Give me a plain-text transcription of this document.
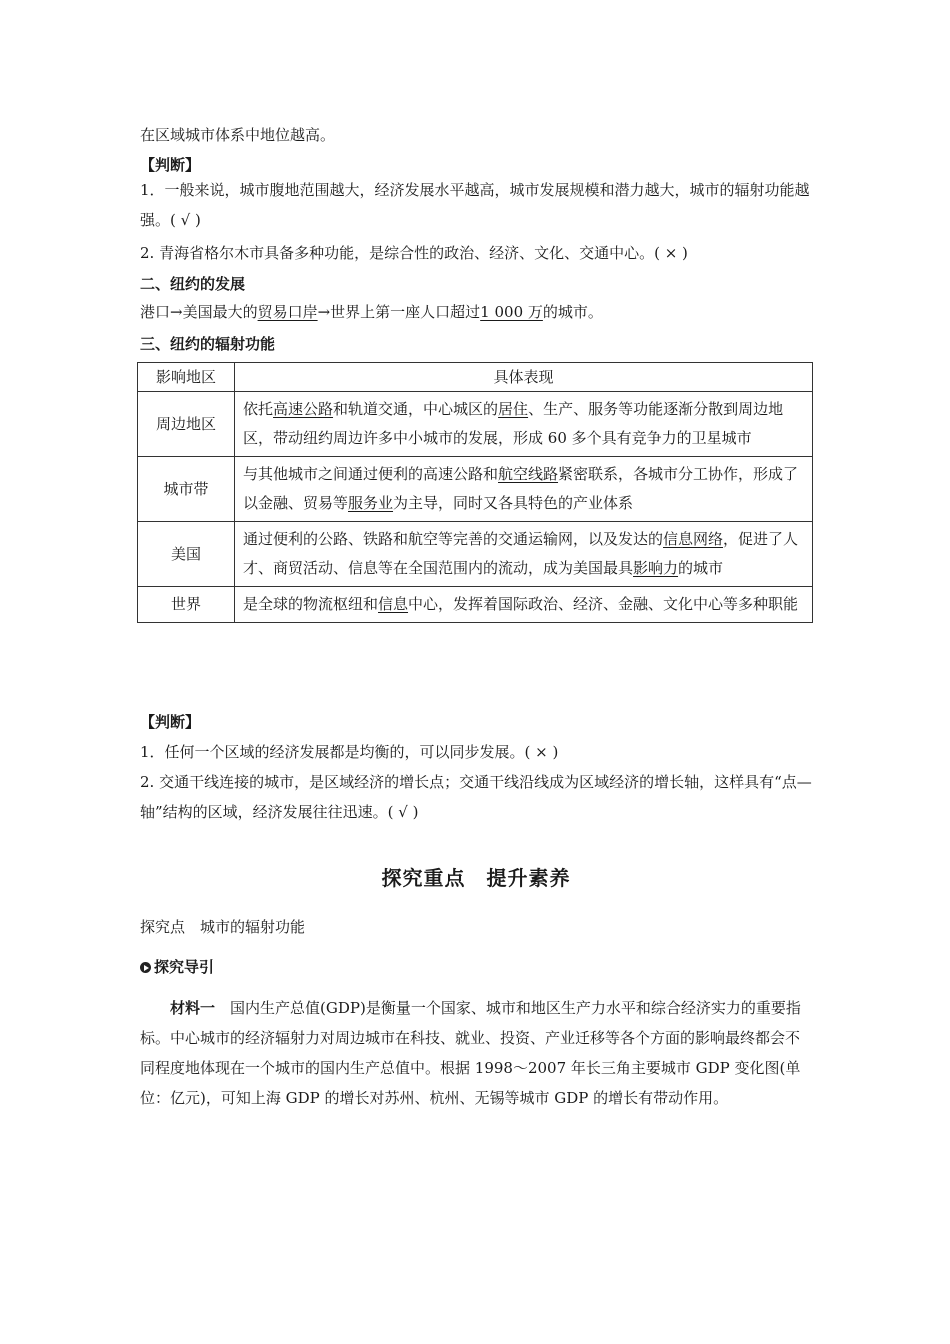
在区域城市体系中地位越高。
【判断】
1．一般来说，城市腹地范围越大，经济发展水平越高，城市发展规模和潜力越大，城市的辐射功能越强。( √ )
2. 青海省格尔木市具备多种功能，是综合性的政治、经济、文化、交通中心。( × )
二、纽约的发展
港口→美国最大的贸易口岸→世界上第一座人口超过1 000 万的城市。
三、纽约的辐射功能
影响地区	具体表现
周边地区	依托高速公路和轨道交通，中心城区的居住、生产、服务等功能逐渐分散到周边地区，带动纽约周边许多中小城市的发展，形成 60 多个具有竞争力的卫星城市
城市带	与其他城市之间通过便利的高速公路和航空线路紧密联系，各城市分工协作，形成了以金融、贸易等服务业为主导，同时又各具特色的产业体系
美国	通过便利的公路、铁路和航空等完善的交通运输网，以及发达的信息网络，促进了人才、商贸活动、信息等在全国范围内的流动，成为美国最具影响力的城市
世界	是全球的物流枢纽和信息中心，发挥着国际政治、经济、金融、文化中心等多种职能
【判断】
1．任何一个区域的经济发展都是均衡的，可以同步发展。( × )
2. 交通干线连接的城市，是区域经济的增长点；交通干线沿线成为区域经济的增长轴，这样具有“点—轴”结构的区域，经济发展往往迅速。( √ )
探究重点　提升素养
探究点　城市的辐射功能
探究导引
材料一　 国内生产总值(GDP)是衡量一个国家、城市和地区生产力水平和综合经济实力的重要指标。中心城市的经济辐射力对周边城市在科技、就业、投资、产业迁移等各个方面的影响最终都会不同程度地体现在一个城市的国内生产总值中。根据 1998～2007 年长三角主要城市 GDP 变化图(单位：亿元)，可知上海 GDP 的增长对苏州、杭州、无锡等城市 GDP 的增长有带动作用。
